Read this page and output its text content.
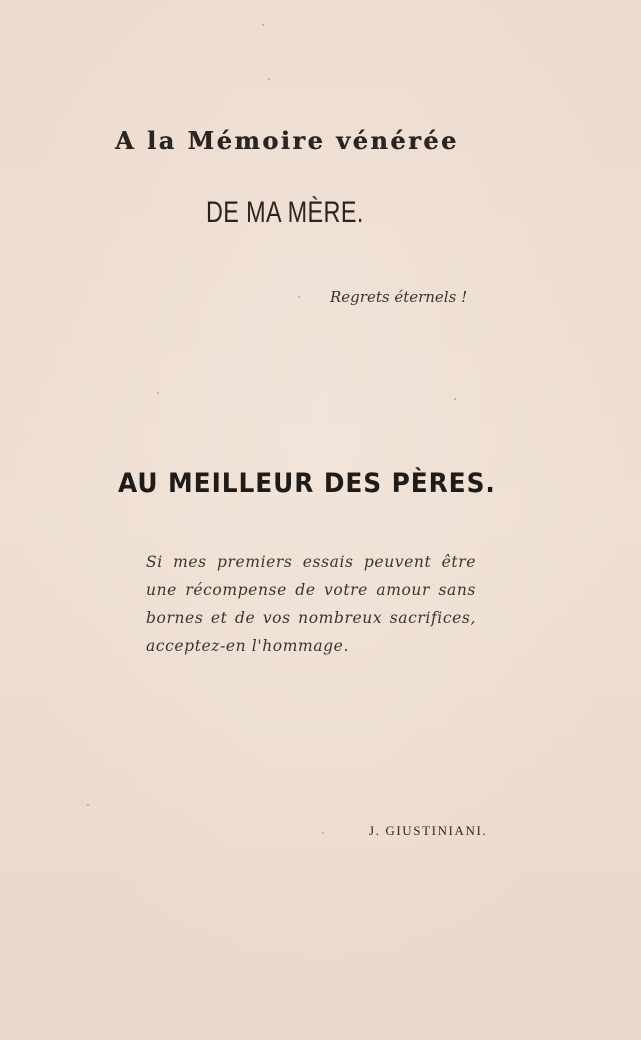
A la Mémoire vénérée
DE MA MÈRE.
Regrets éternels !
AU MEILLEUR DES PÈRES.
Si mes premiers essais peuvent être une récompense de votre amour sans bornes et de vos nombreux sacrifices, acceptez-en l'hommage.
J. GIUSTINIANI.
